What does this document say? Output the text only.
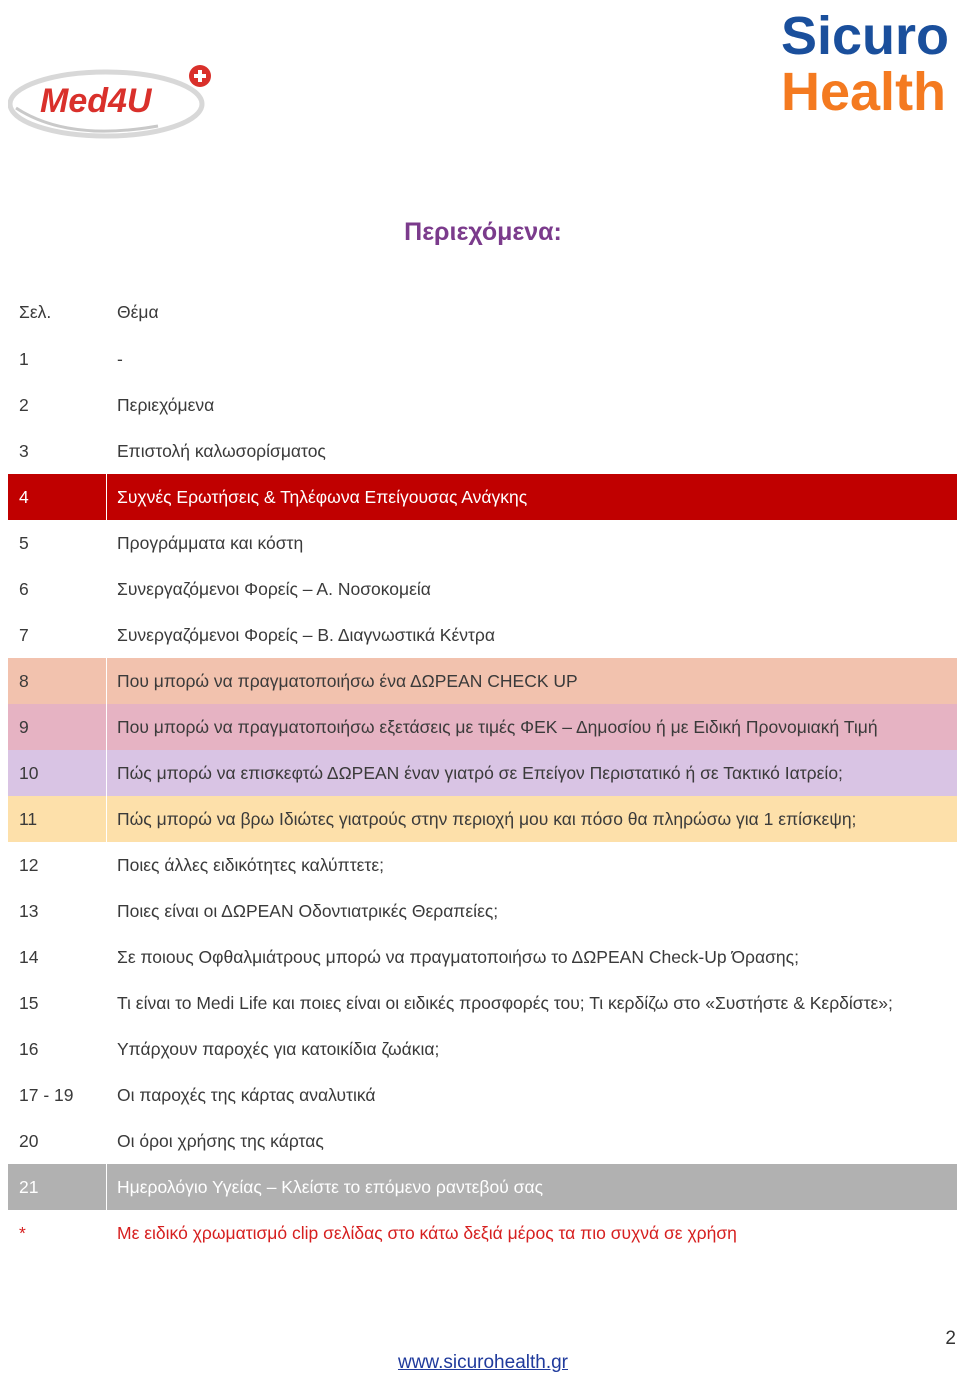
Med4U
Sicuro
Health
Περιεχόμενα:
Σελ.	Θέμα
1	-
2	Περιεχόμενα
3	Επιστολή καλωσορίσματος
4	Συχνές Ερωτήσεις & Τηλέφωνα Επείγουσας Ανάγκης
5	Προγράμματα και κόστη
6	Συνεργαζόμενοι Φορείς – Α. Νοσοκομεία
7	Συνεργαζόμενοι Φορείς – Β. Διαγνωστικά Κέντρα
8	Που μπορώ να πραγματοποιήσω ένα ΔΩΡΕΑΝ CHECK UP
9	Που μπορώ να πραγματοποιήσω εξετάσεις με τιμές ΦΕΚ – Δημοσίου ή με Ειδική Προνομιακή Τιμή
10	Πώς μπορώ να επισκεφτώ ΔΩΡΕΑΝ έναν γιατρό σε Επείγον Περιστατικό ή σε Τακτικό Ιατρείο;
11	Πώς μπορώ να βρω Ιδιώτες γιατρούς στην περιοχή μου και πόσο θα πληρώσω για 1 επίσκεψη;
12	Ποιες άλλες ειδικότητες καλύπτετε;
13	Ποιες είναι οι ΔΩΡΕΑΝ Οδοντιατρικές Θεραπείες;
14	Σε ποιους Οφθαλμιάτρους μπορώ να πραγματοποιήσω το ΔΩΡΕΑΝ Check-Up Όρασης;
15	Τι είναι το Medi Life και ποιες είναι οι ειδικές προσφορές του; Τι κερδίζω στο «Συστήστε & Κερδίστε»;
16	Υπάρχουν παροχές για κατοικίδια ζωάκια;
17 - 19	Οι παροχές της κάρτας αναλυτικά
20	Οι όροι χρήσης της κάρτας
21	Ημερολόγιο Υγείας – Κλείστε το επόμενο ραντεβού σας
*	Με ειδικό χρωματισμό clip σελίδας στο κάτω δεξιά μέρος τα πιο συχνά σε χρήση
2
www.sicurohealth.gr
